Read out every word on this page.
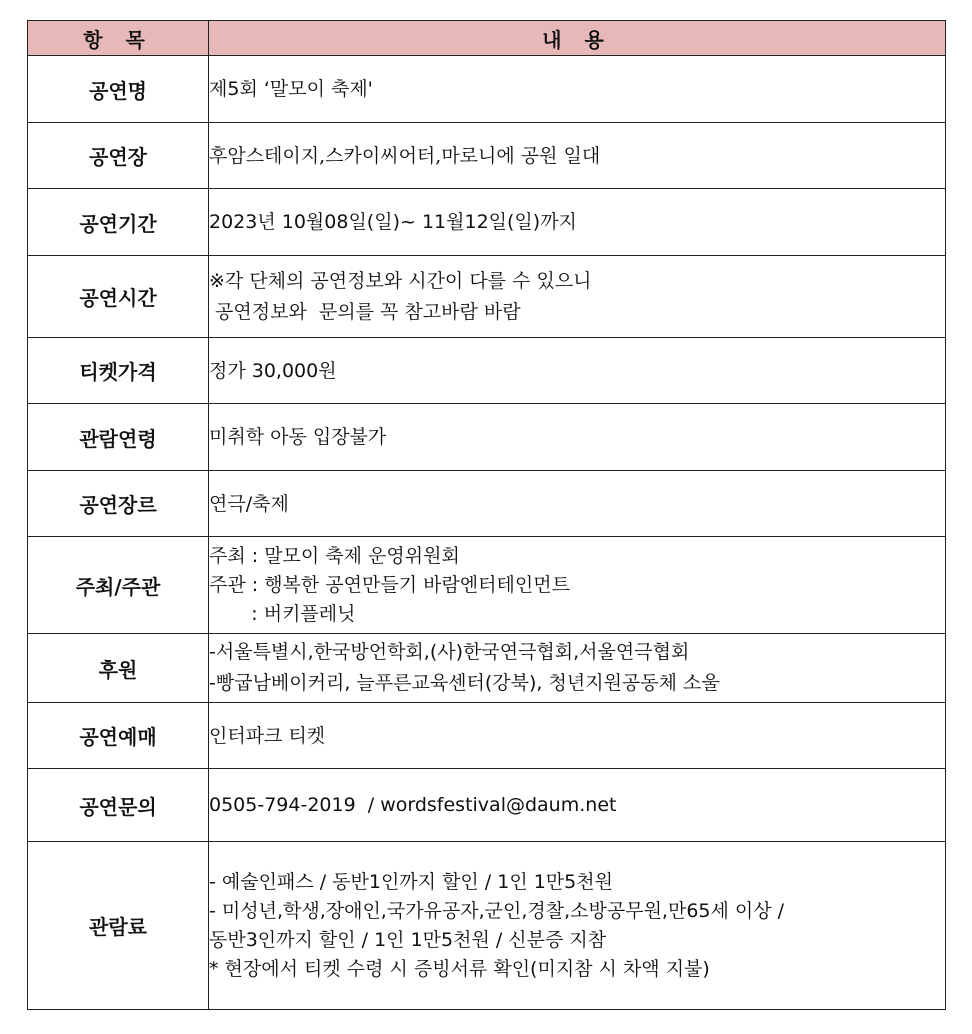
항 목	내 용
공연명	제5회 ‘말모이 축제'

공연장	후암스테이지,스카이씨어터,마로니에 공원 일대

공연기간	2023년 10월08일(일)~ 11월12일(일)까지

공연시간	※각 단체의 공연정보와 시간이 다를 수 있으니
공연정보와  문의를 꼭 참고바람 바람

티켓가격	정가 30,000원

관람연령	미취학 아동 입장불가

공연장르	연극/축제

주최/주관	주최 : 말모이 축제 운영위원회
주관 : 행복한 공연만들기 바람엔터테인먼트
: 버키플레닛

후원	-서울특별시,한국방언학회,(사)한국연극협회,서울연극협회
-빵굽남베이커리, 늘푸른교육센터(강북), 청년지원공동체 소울

공연예매	인터파크 티켓

공연문의	0505-794-2019  / wordsfestival@daum.net

관람료	- 예술인패스 / 동반1인까지 할인 / 1인 1만5천원
- 미성년,학생,장애인,국가유공자,군인,경찰,소방공무원,만65세 이상 /
동반3인까지 할인 / 1인 1만5천원 / 신분증 지참
* 현장에서 티켓 수령 시 증빙서류 확인(미지참 시 차액 지불)
